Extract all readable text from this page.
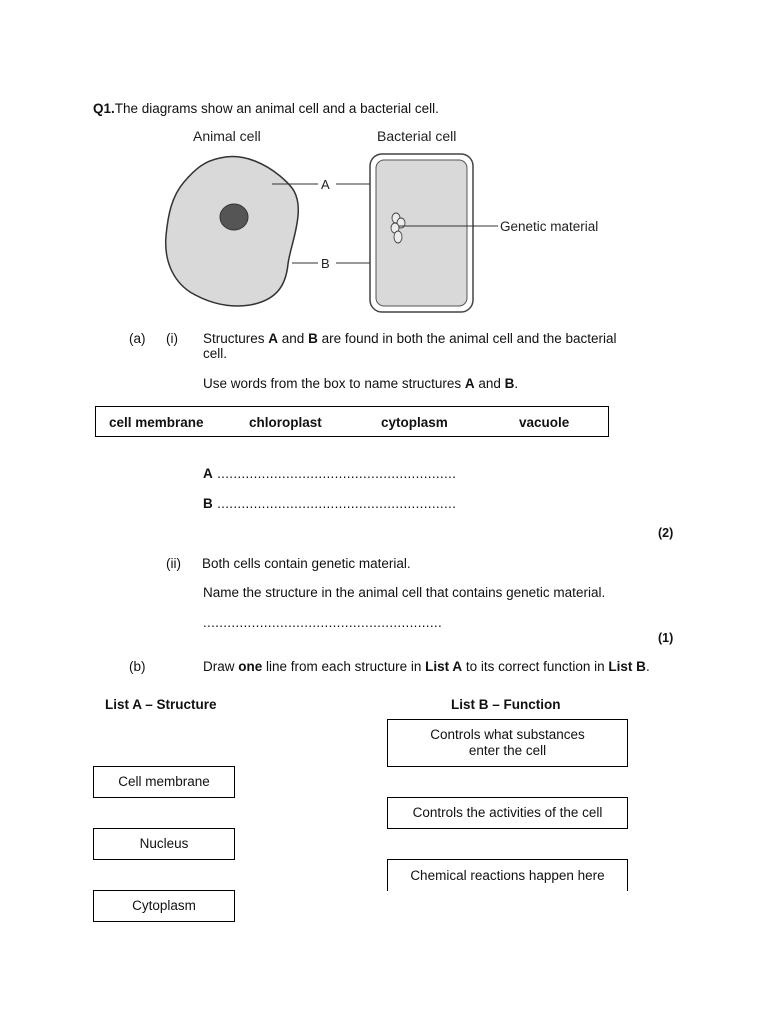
Q1.The diagrams show an animal cell and a bacterial cell.
Animal cell	Bacterial cell
A
B
Genetic material
(a) (i) Structures A and B are found in both the animal cell and the bacterial
cell.
Use words from the box to name structures A and B.
cell membrane	chloroplast	cytoplasm	vacuole
A ...........................................................
B ...........................................................
(2)
(ii) Both cells contain genetic material.
Name the structure in the animal cell that contains genetic material.
...........................................................
(1)
(b)	Draw one line from each structure in List A to its correct function in List B.
List A – Structure	List B – Function
Controls what substances
enter the cell
Controls the activities of the cell
Chemical reactions happen here
Cell membrane
Nucleus
Cytoplasm
